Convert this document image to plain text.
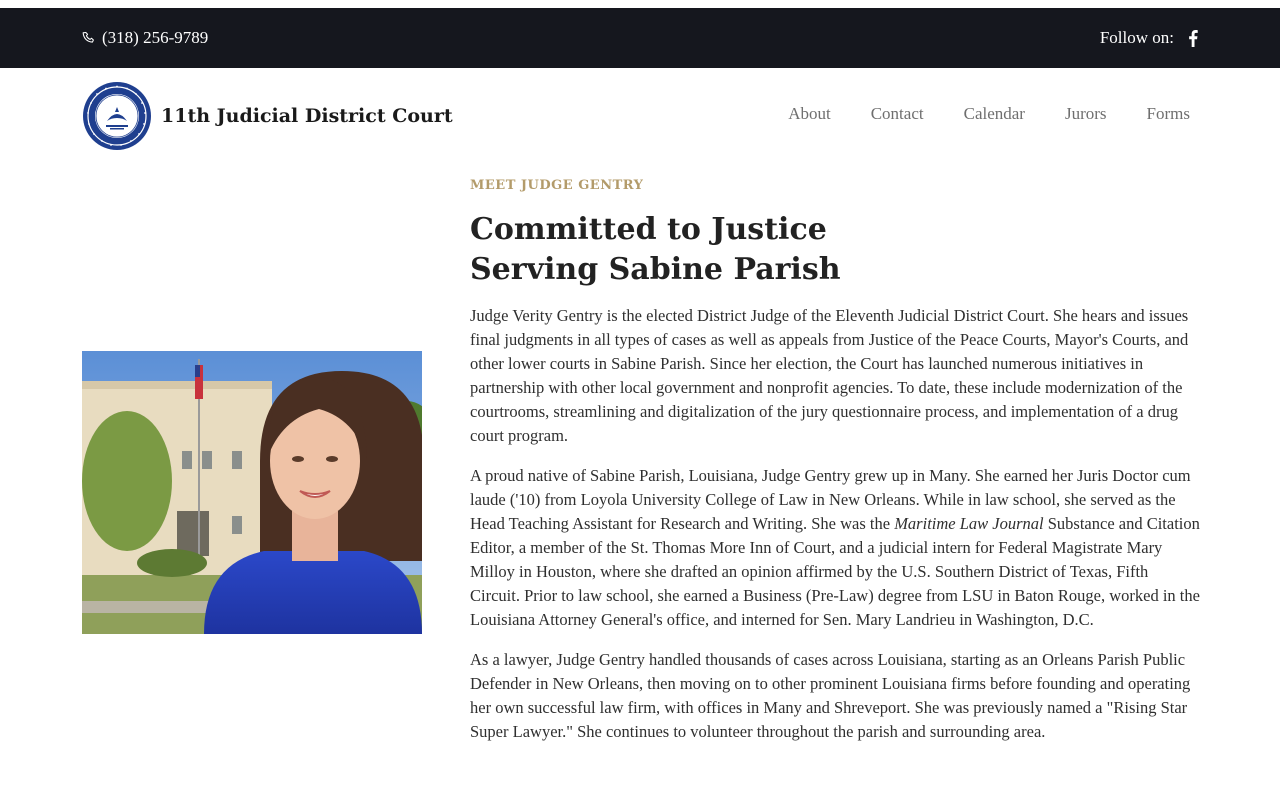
(318) 256-9789	Follow on:
11th Judicial District Court	About Contact Calendar Jurors Forms
MEET JUDGE GENTRY
Committed to Justice
Serving Sabine Parish

Judge Verity Gentry is the elected District Judge of the Eleventh Judicial District Court. She hears and issues final judgments in all types of cases as well as appeals from Justice of the Peace Courts, Mayor's Courts, and other lower courts in Sabine Parish. Since her election, the Court has launched numerous initiatives in partnership with other local government and nonprofit agencies. To date, these include modernization of the courtrooms, streamlining and digitalization of the jury questionnaire process, and implementation of a drug court program.

A proud native of Sabine Parish, Louisiana, Judge Gentry grew up in Many. She earned her Juris Doctor cum laude ('10) from Loyola University College of Law in New Orleans. While in law school, she served as the Head Teaching Assistant for Research and Writing. She was the Maritime Law Journal Substance and Citation Editor, a member of the St. Thomas More Inn of Court, and a judicial intern for Federal Magistrate Mary Milloy in Houston, where she drafted an opinion affirmed by the U.S. Southern District of Texas, Fifth Circuit. Prior to law school, she earned a Business (Pre-Law) degree from LSU in Baton Rouge, worked in the Louisiana Attorney General's office, and interned for Sen. Mary Landrieu in Washington, D.C.

As a lawyer, Judge Gentry handled thousands of cases across Louisiana, starting as an Orleans Parish Public Defender in New Orleans, then moving on to other prominent Louisiana firms before founding and operating her own successful law firm, with offices in Many and Shreveport. She was previously named a "Rising Star Super Lawyer." She continues to volunteer throughout the parish and surrounding area.
